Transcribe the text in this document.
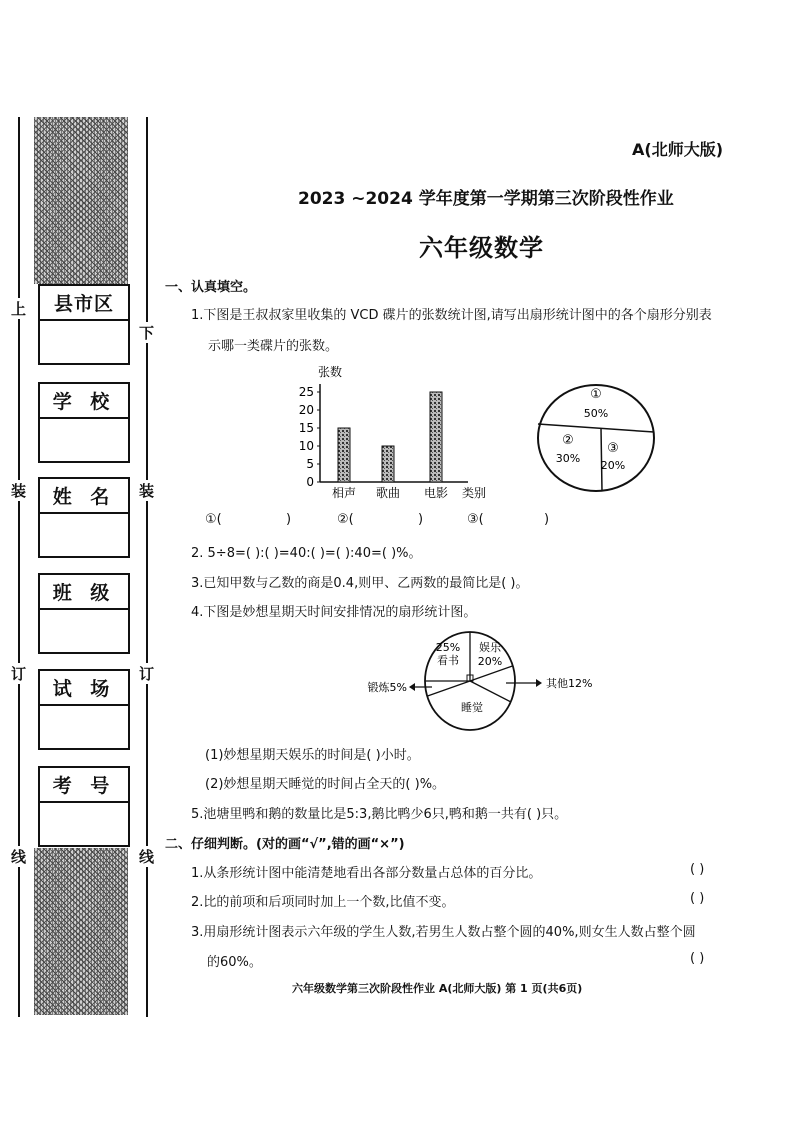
上
下
装	装
订	订
线	线
县市区
学 校
姓 名
班 级
试 场
考 号
A(北师大版)
2023 ~2024 学年度第一学期第三次阶段性作业
六年级数学
一、认真填空。
1.下图是王叔叔家里收集的 VCD 碟片的张数统计图,请写出扇形统计图中的各个扇形分别表
示哪一类碟片的张数。
0
5
10
15
20
25
张数
相声 歌曲 电影 类别
①
50%
②
30%
③
20%
①(	)	②(	)	③(	)
2. 5÷8=( ):( )=40:( )=( ):40=( )%。
3.已知甲数与乙数的商是0.4,则甲、乙两数的最简比是( )。
4.下图是妙想星期天时间安排情况的扇形统计图。
25%
看书
娱乐
20%
睡觉
其他12%
锻炼5%
(1)妙想星期天娱乐的时间是( )小时。
(2)妙想星期天睡觉的时间占全天的( )%。
5.池塘里鸭和鹅的数量比是5:3,鹅比鸭少6只,鸭和鹅一共有( )只。
二、仔细判断。(对的画“√”,错的画“×”)
1.从条形统计图中能清楚地看出各部分数量占总体的百分比。	( )
2.比的前项和后项同时加上一个数,比值不变。	( )
3.用扇形统计图表示六年级的学生人数,若男生人数占整个圆的40%,则女生人数占整个圆
的60%。	( )
六年级数学第三次阶段性作业 A(北师大版) 第 1 页(共6页)
